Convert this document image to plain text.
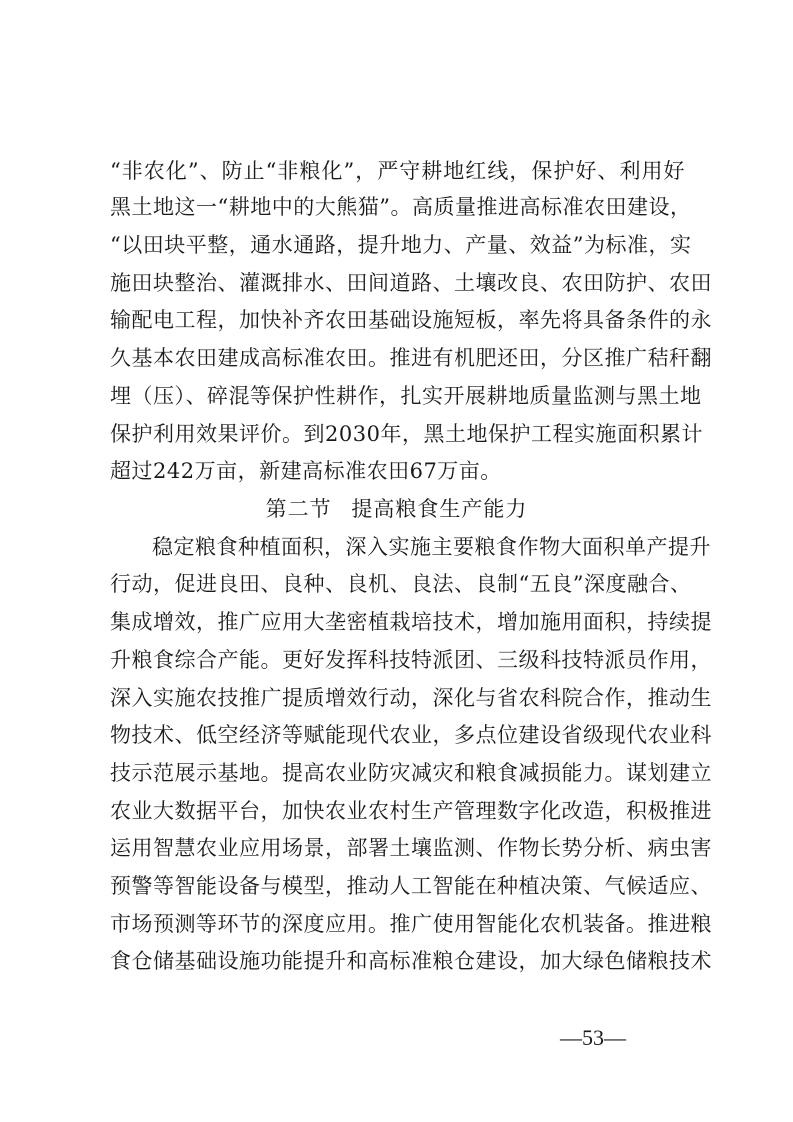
“非农化”、防止“非粮化”，严守耕地红线，保护好、利用好
黑土地这一“耕地中的大熊猫”。高质量推进高标准农田建设，
“以田块平整，通水通路，提升地力、产量、效益”为标准，实
施田块整治、灌溉排水、田间道路、土壤改良、农田防护、农田
输配电工程，加快补齐农田基础设施短板，率先将具备条件的永
久基本农田建成高标准农田。推进有机肥还田，分区推广秸秆翻
埋（压）、碎混等保护性耕作，扎实开展耕地质量监测与黑土地
保护利用效果评价。到2030年，黑土地保护工程实施面积累计
超过242万亩，新建高标准农田67万亩。
第二节 提高粮食生产能力
稳定粮食种植面积，深入实施主要粮食作物大面积单产提升
行动，促进良田、良种、良机、良法、良制“五良”深度融合、
集成增效，推广应用大垄密植栽培技术，增加施用面积，持续提
升粮食综合产能。更好发挥科技特派团、三级科技特派员作用，
深入实施农技推广提质增效行动，深化与省农科院合作，推动生
物技术、低空经济等赋能现代农业，多点位建设省级现代农业科
技示范展示基地。提高农业防灾减灾和粮食减损能力。谋划建立
农业大数据平台，加快农业农村生产管理数字化改造，积极推进
运用智慧农业应用场景，部署土壤监测、作物长势分析、病虫害
预警等智能设备与模型，推动人工智能在种植决策、气候适应、
市场预测等环节的深度应用。推广使用智能化农机装备。推进粮
食仓储基础设施功能提升和高标准粮仓建设，加大绿色储粮技术
—53—
